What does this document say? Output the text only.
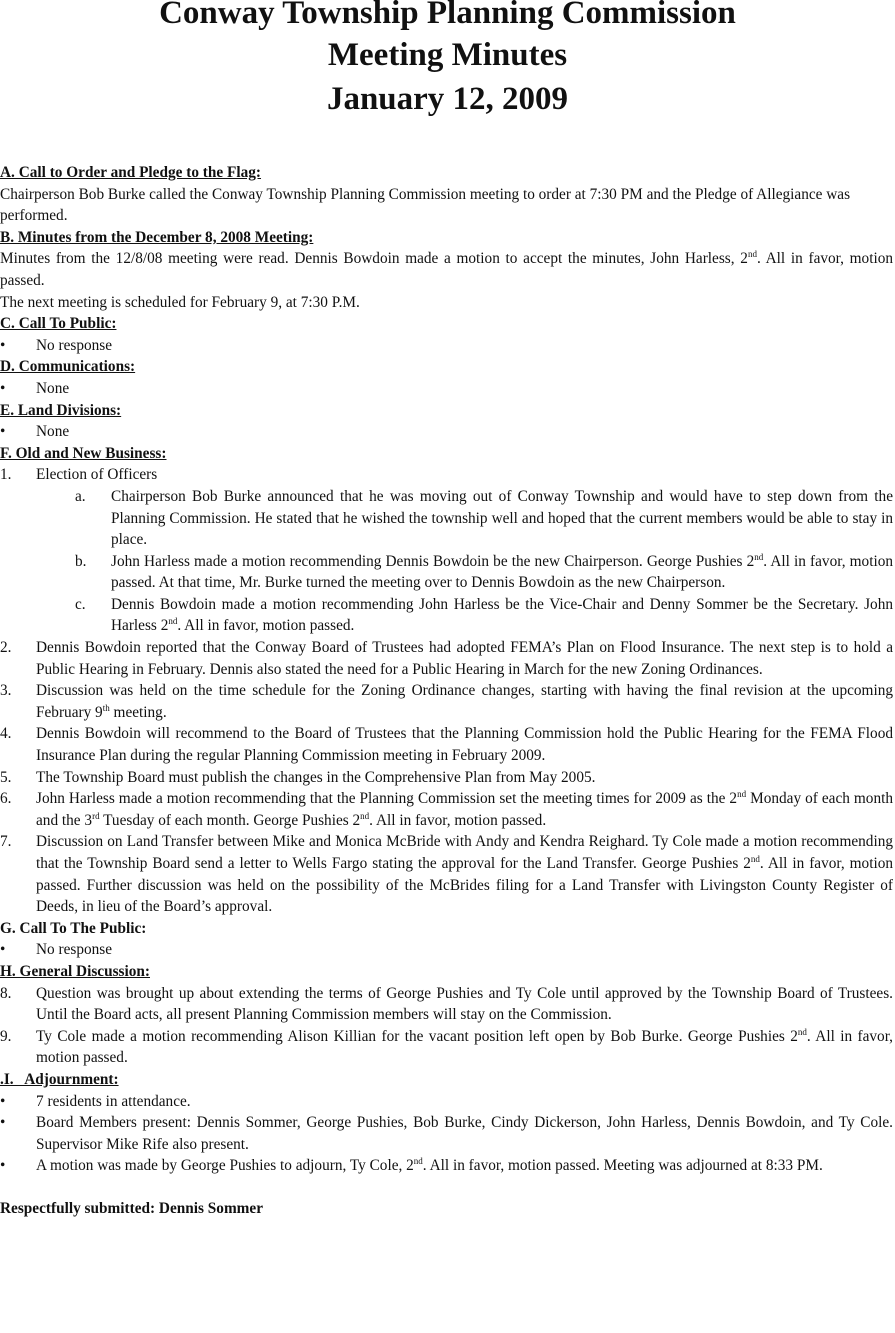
Conway Township Planning Commission
Meeting Minutes
January 12, 2009
A. Call to Order and Pledge to the Flag:
Chairperson Bob Burke called the Conway Township Planning Commission meeting to order at 7:30 PM and the Pledge of Allegiance was performed.
B. Minutes from the December 8, 2008 Meeting:
Minutes from the 12/8/08 meeting were read. Dennis Bowdoin made a motion to accept the minutes, John Harless, 2nd. All in favor, motion passed.
The next meeting is scheduled for February 9, at 7:30 P.M.
C. Call To Public:
• No response
D. Communications:
• None
E. Land Divisions:
• None
F. Old and New Business:
1. Election of Officers
a. Chairperson Bob Burke announced that he was moving out of Conway Township and would have to step down from the Planning Commission. He stated that he wished the township well and hoped that the current members would be able to stay in place.
b. John Harless made a motion recommending Dennis Bowdoin be the new Chairperson. George Pushies 2nd. All in favor, motion passed. At that time, Mr. Burke turned the meeting over to Dennis Bowdoin as the new Chairperson.
c. Dennis Bowdoin made a motion recommending John Harless be the Vice-Chair and Denny Sommer be the Secretary. John Harless 2nd. All in favor, motion passed.
2. Dennis Bowdoin reported that the Conway Board of Trustees had adopted FEMA’s Plan on Flood Insurance. The next step is to hold a Public Hearing in February. Dennis also stated the need for a Public Hearing in March for the new Zoning Ordinances.
3. Discussion was held on the time schedule for the Zoning Ordinance changes, starting with having the final revision at the upcoming February 9th meeting.
4. Dennis Bowdoin will recommend to the Board of Trustees that the Planning Commission hold the Public Hearing for the FEMA Flood Insurance Plan during the regular Planning Commission meeting in February 2009.
5. The Township Board must publish the changes in the Comprehensive Plan from May 2005.
6. John Harless made a motion recommending that the Planning Commission set the meeting times for 2009 as the 2nd Monday of each month and the 3rd Tuesday of each month. George Pushies 2nd. All in favor, motion passed.
7. Discussion on Land Transfer between Mike and Monica McBride with Andy and Kendra Reighard. Ty Cole made a motion recommending that the Township Board send a letter to Wells Fargo stating the approval for the Land Transfer. George Pushies 2nd. All in favor, motion passed. Further discussion was held on the possibility of the McBrides filing for a Land Transfer with Livingston County Register of Deeds, in lieu of the Board’s approval.
G. Call To The Public:
• No response
H. General Discussion:
8. Question was brought up about extending the terms of George Pushies and Ty Cole until approved by the Township Board of Trustees. Until the Board acts, all present Planning Commission members will stay on the Commission.
9. Ty Cole made a motion recommending Alison Killian for the vacant position left open by Bob Burke. George Pushies 2nd. All in favor, motion passed.
.I.   Adjournment:
• 7 residents in attendance.
• Board Members present: Dennis Sommer, George Pushies, Bob Burke, Cindy Dickerson, John Harless, Dennis Bowdoin, and Ty Cole. Supervisor Mike Rife also present.
• A motion was made by George Pushies to adjourn, Ty Cole, 2nd. All in favor, motion passed. Meeting was adjourned at 8:33 PM.
Respectfully submitted: Dennis Sommer
